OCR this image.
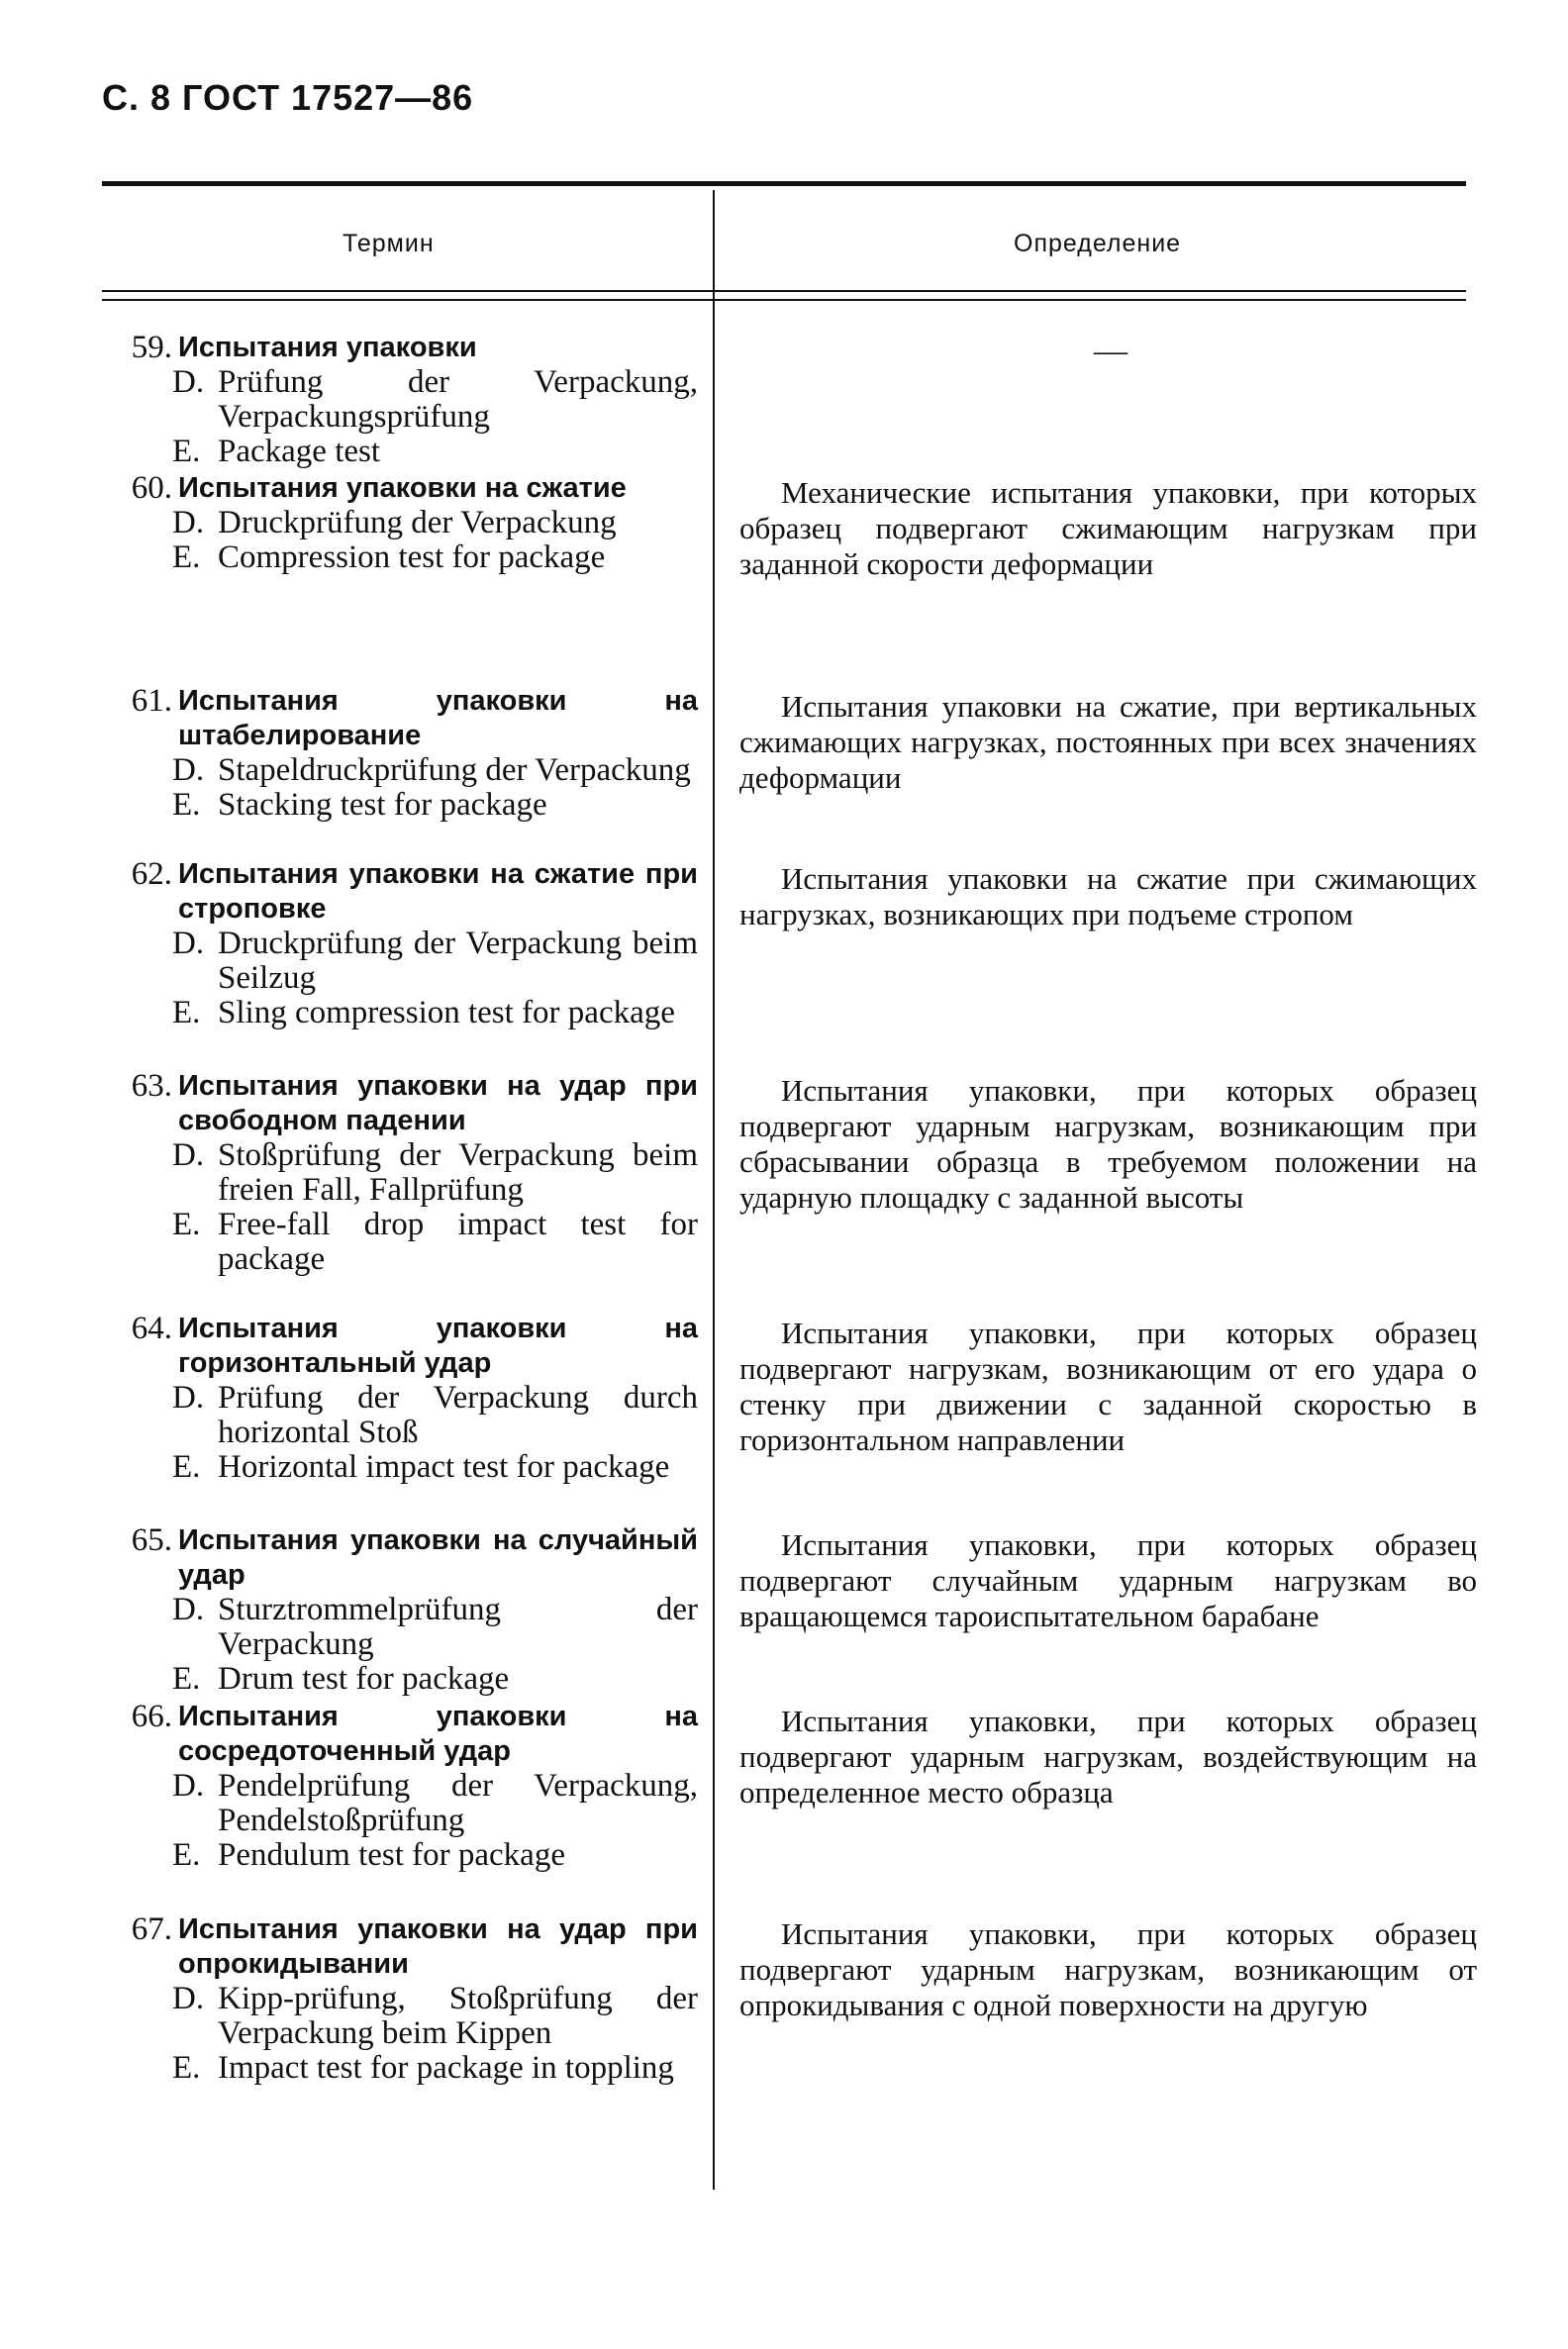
С. 8 ГОСТ 17527—86
Термин	Определение
59. Испытания упаковки
D. Prüfung der Verpackung, Verpackungsprüfung
E. Package test
—
60. Испытания упаковки на сжатие
D. Druckprüfung der Verpackung
E. Compression test for package
Механические испытания упаковки, при которых образец подвергают сжимающим нагрузкам при заданной скорости деформации
61. Испытания упаковки на штабелирование
D. Stapeldruckprüfung der Verpackung
E. Stacking test for package
Испытания упаковки на сжатие, при вертикальных сжимающих нагрузках, постоянных при всех значениях деформации
62. Испытания упаковки на сжатие при строповке
D. Druckprüfung der Verpackung beim Seilzug
E. Sling compression test for package
Испытания упаковки на сжатие при сжимающих нагрузках, возникающих при подъеме стропом
63. Испытания упаковки на удар при свободном падении
D. Stoßprüfung der Verpackung beim freien Fall, Fallprüfung
E. Free-fall drop impact test for package
Испытания упаковки, при которых образец подвергают ударным нагрузкам, возникающим при сбрасывании образца в требуемом положении на ударную площадку с заданной высоты
64. Испытания упаковки на горизонтальный удар
D. Prüfung der Verpackung durch horizontal Stoß
E. Horizontal impact test for package
Испытания упаковки, при которых образец подвергают нагрузкам, возникающим от его удара о стенку при движении с заданной скоростью в горизонтальном направлении
65. Испытания упаковки на случайный удар
D. Sturztrommelprüfung der Verpackung
E. Drum test for package
Испытания упаковки, при которых образец подвергают случайным ударным нагрузкам во вращающемся тароиспытательном барабане
66. Испытания упаковки на сосредоточенный удар
D. Pendelprüfung der Verpackung, Pendelstoßprüfung
E. Pendulum test for package
Испытания упаковки, при которых образец подвергают ударным нагрузкам, воздействующим на определенное место образца
67. Испытания упаковки на удар при опрокидывании
D. Kipp-prüfung, Stoßprüfung der Verpackung beim Kippen
E. Impact test for package in toppling
Испытания упаковки, при которых образец подвергают ударным нагрузкам, возникающим от опрокидывания с одной поверхности на другую
